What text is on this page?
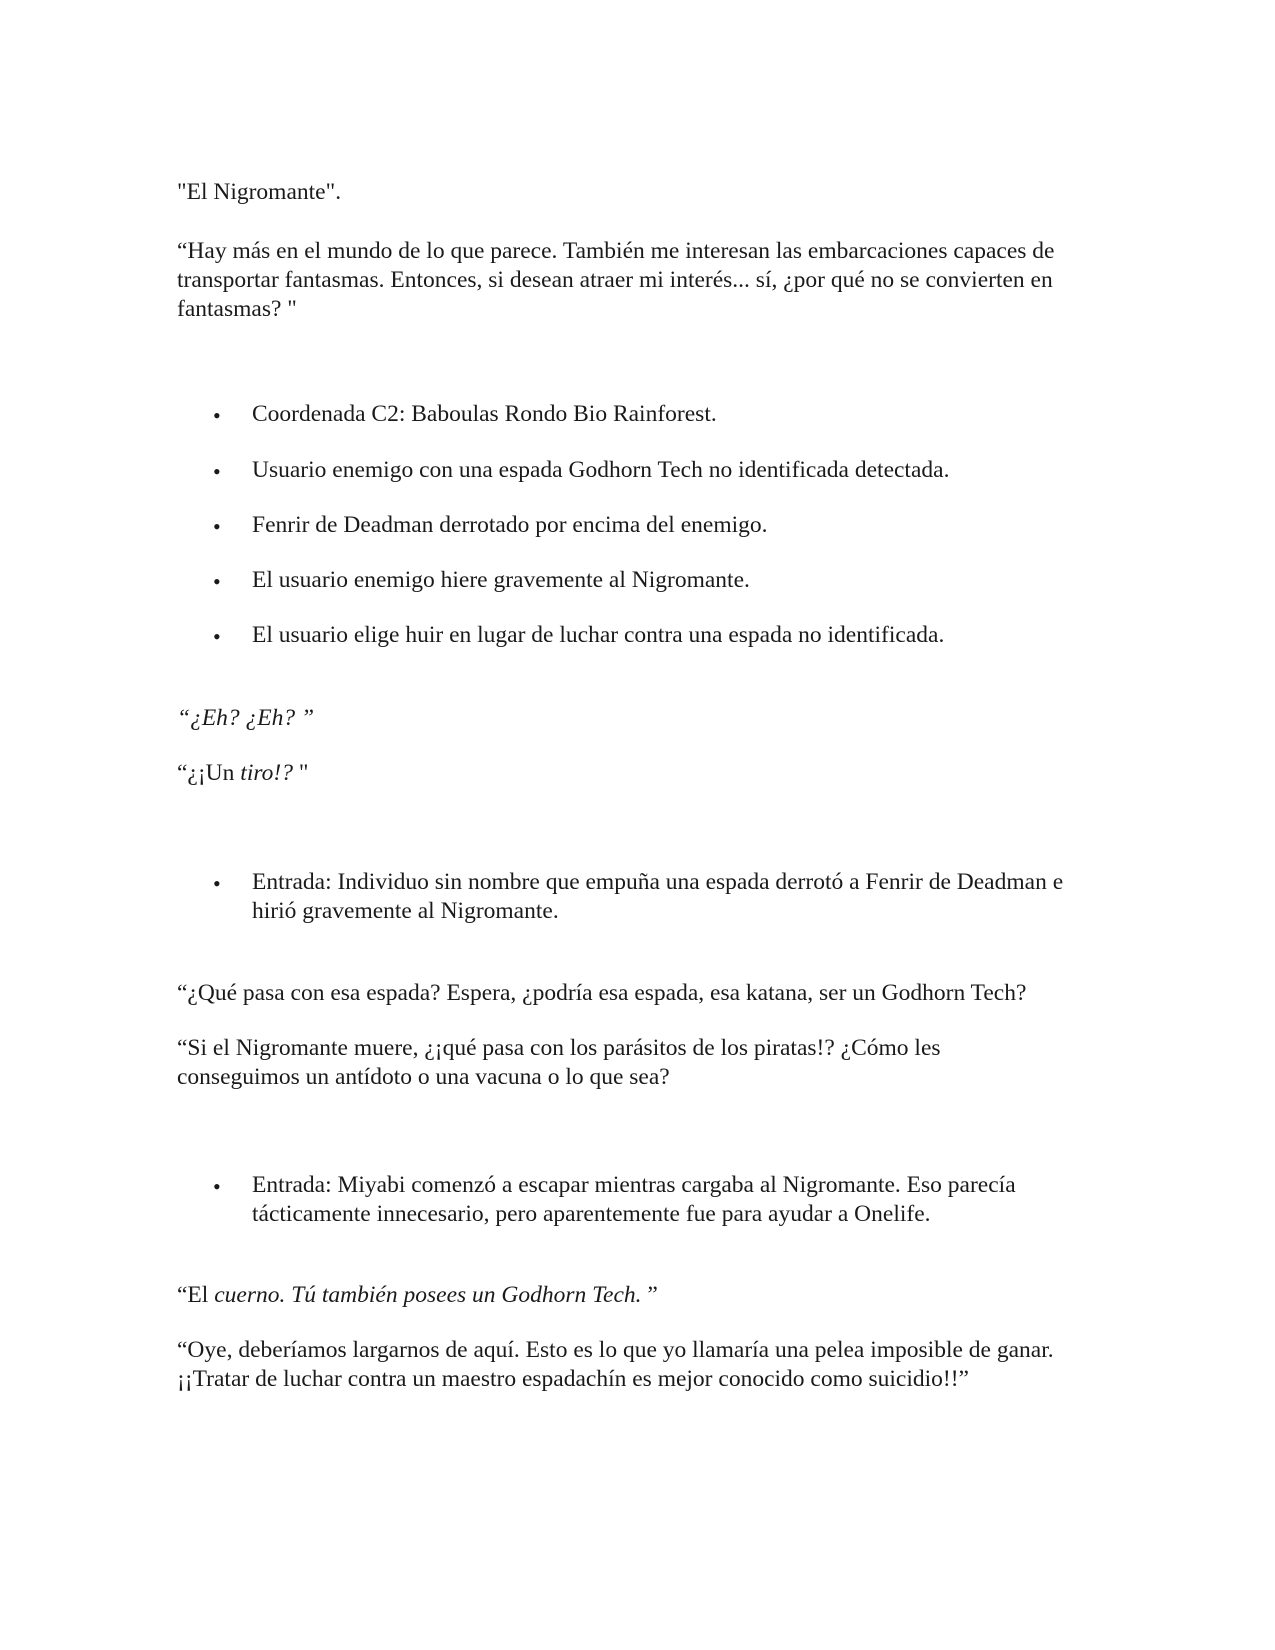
"El Nigromante".

“Hay más en el mundo de lo que parece. También me interesan las embarcaciones capaces de transportar fantasmas. Entonces, si desean atraer mi interés... sí, ¿por qué no se convierten en fantasmas? "

• Coordenada C2: Baboulas Rondo Bio Rainforest.

• Usuario enemigo con una espada Godhorn Tech no identificada detectada.

• Fenrir de Deadman derrotado por encima del enemigo.

• El usuario enemigo hiere gravemente al Nigromante.

• El usuario elige huir en lugar de luchar contra una espada no identificada.

“¿Eh? ¿Eh? ”

“¿¡Un tiro!? "

• Entrada: Individuo sin nombre que empuña una espada derrotó a Fenrir de Deadman e hirió gravemente al Nigromante.

“¿Qué pasa con esa espada? Espera, ¿podría esa espada, esa katana, ser un Godhorn Tech?

“Si el Nigromante muere, ¿¡qué pasa con los parásitos de los piratas!? ¿Cómo les conseguimos un antídoto o una vacuna o lo que sea?

• Entrada: Miyabi comenzó a escapar mientras cargaba al Nigromante. Eso parecía tácticamente innecesario, pero aparentemente fue para ayudar a Onelife.

“El cuerno. Tú también posees un Godhorn Tech. ”

“Oye, deberíamos largarnos de aquí. Esto es lo que yo llamaría una pelea imposible de ganar. ¡¡Tratar de luchar contra un maestro espadachín es mejor conocido como suicidio!!”
